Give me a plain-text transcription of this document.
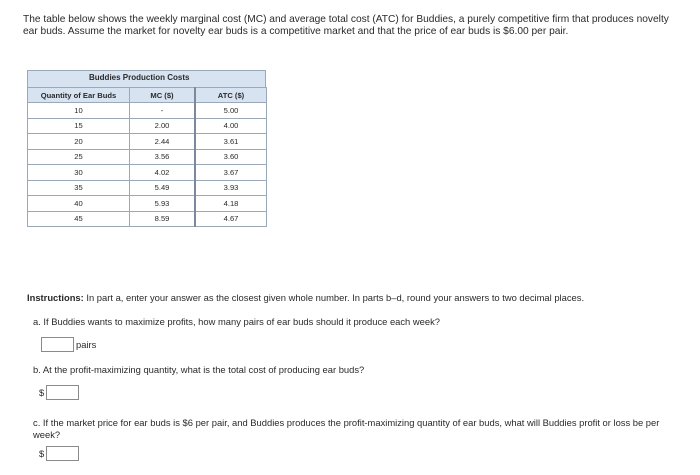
The table below shows the weekly marginal cost (MC) and average total cost (ATC) for Buddies, a purely competitive firm that produces novelty ear buds. Assume the market for novelty ear buds is a competitive market and that the price of ear buds is $6.00 per pair.
Buddies Production Costs
Quantity of Ear Buds	MC ($)	ATC ($)
10	-	5.00
15	2.00	4.00
20	2.44	3.61
25	3.56	3.60
30	4.02	3.67
35	5.49	3.93
40	5.93	4.18
45	8.59	4.67
Instructions: In part a, enter your answer as the closest given whole number. In parts b–d, round your answers to two decimal places.
a. If Buddies wants to maximize profits, how many pairs of ear buds should it produce each week?
pairs
b. At the profit-maximizing quantity, what is the total cost of producing ear buds?
$
c. If the market price for ear buds is $6 per pair, and Buddies produces the profit-maximizing quantity of ear buds, what will Buddies profit or loss be per week?
$
